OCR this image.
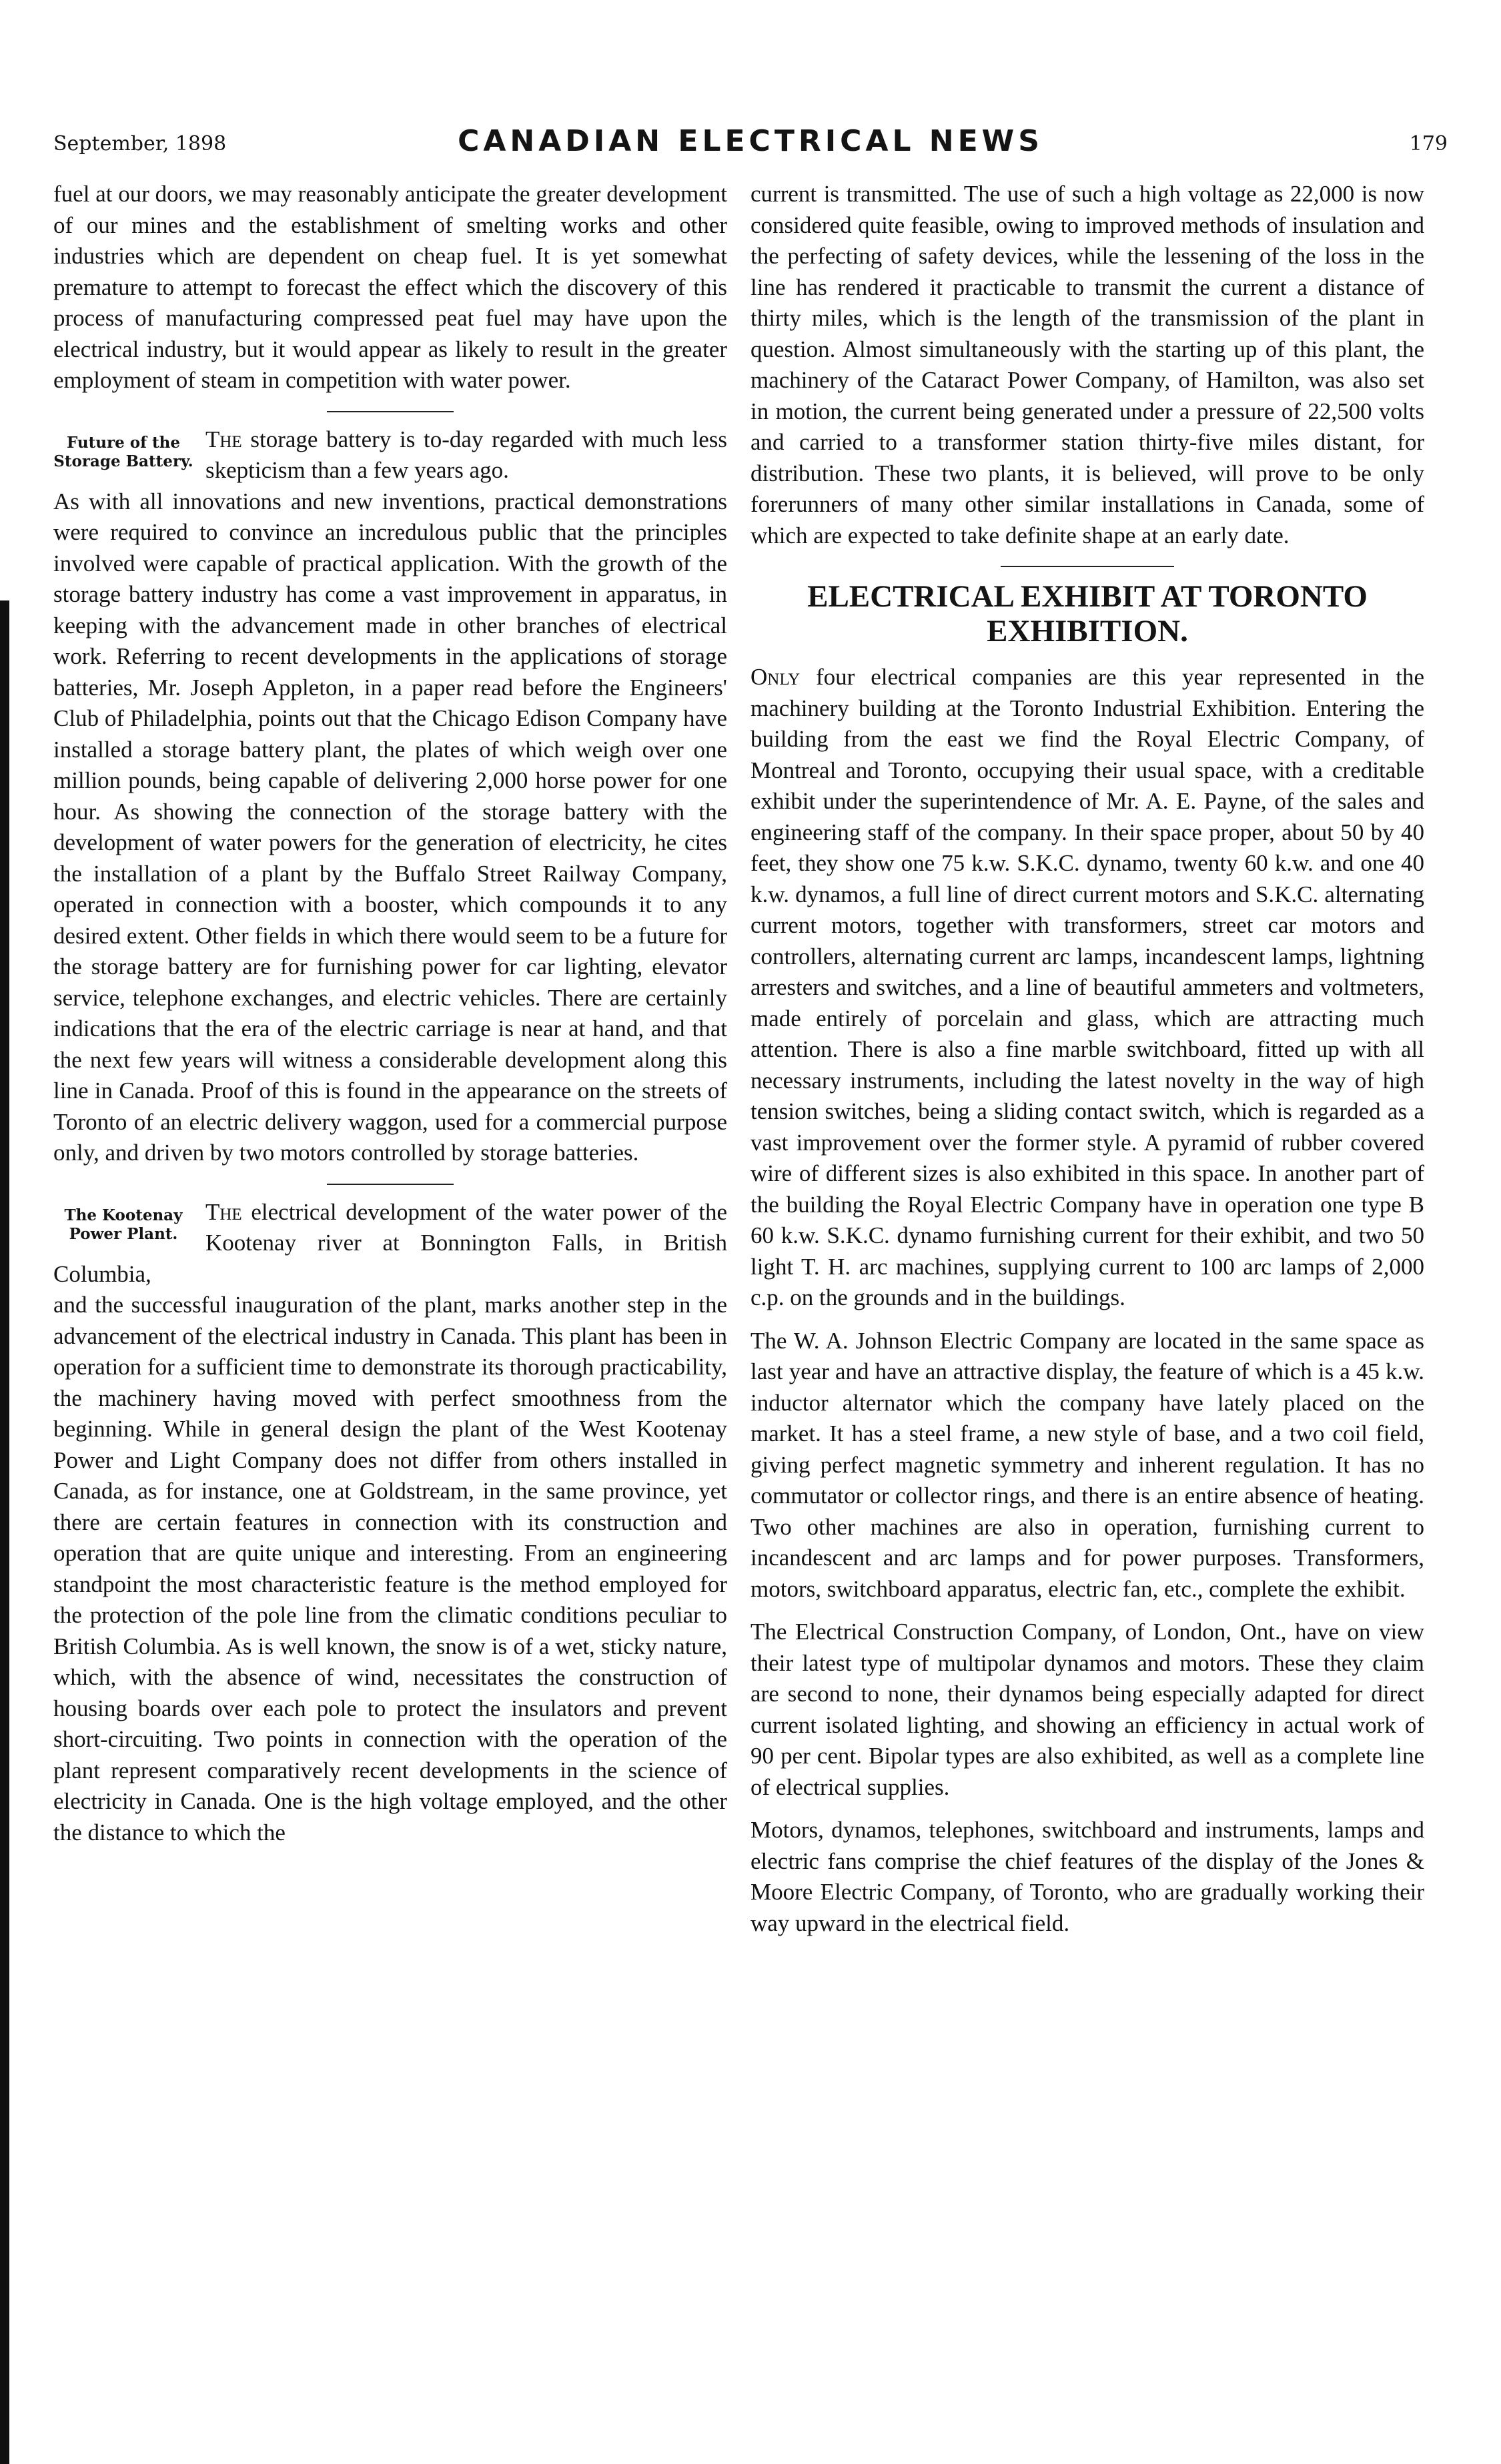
September, 1898	CANADIAN ELECTRICAL NEWS	179

fuel at our doors, we may reasonably anticipate the greater development of our mines and the establishment of smelting works and other industries which are dependent on cheap fuel. It is yet somewhat premature to attempt to forecast the effect which the discovery of this process of manufacturing compressed peat fuel may have upon the electrical industry, but it would appear as likely to result in the greater employment of steam in competition with water power.

Future of the Storage Battery.

The storage battery is to-day regarded with much less skepticism than a few years ago.

As with all innovations and new inventions, practical demonstrations were required to convince an incredulous public that the principles involved were capable of practical application. With the growth of the storage battery industry has come a vast improvement in apparatus, in keeping with the advancement made in other branches of electrical work. Referring to recent developments in the applications of storage batteries, Mr. Joseph Appleton, in a paper read before the Engineers' Club of Philadelphia, points out that the Chicago Edison Company have installed a storage battery plant, the plates of which weigh over one million pounds, being capable of delivering 2,000 horse power for one hour. As showing the connection of the storage battery with the development of water powers for the generation of electricity, he cites the installation of a plant by the Buffalo Street Railway Company, operated in connection with a booster, which compounds it to any desired extent. Other fields in which there would seem to be a future for the storage battery are for furnishing power for car lighting, elevator service, telephone exchanges, and electric vehicles. There are certainly indications that the era of the electric carriage is near at hand, and that the next few years will witness a considerable development along this line in Canada. Proof of this is found in the appearance on the streets of Toronto of an electric delivery waggon, used for a commercial purpose only, and driven by two motors controlled by storage batteries.

The Kootenay Power Plant.

The electrical development of the water power of the Kootenay river at Bonnington Falls, in British Columbia,

and the successful inauguration of the plant, marks another step in the advancement of the electrical industry in Canada. This plant has been in operation for a sufficient time to demonstrate its thorough practicability, the machinery having moved with perfect smoothness from the beginning. While in general design the plant of the West Kootenay Power and Light Company does not differ from others installed in Canada, as for instance, one at Goldstream, in the same province, yet there are certain features in connection with its construction and operation that are quite unique and interesting. From an engineering standpoint the most characteristic feature is the method employed for the protection of the pole line from the climatic conditions peculiar to British Columbia. As is well known, the snow is of a wet, sticky nature, which, with the absence of wind, necessitates the construction of housing boards over each pole to protect the insulators and prevent short-circuiting. Two points in connection with the operation of the plant represent comparatively recent developments in the science of electricity in Canada. One is the high voltage employed, and the other the distance to which the

current is transmitted. The use of such a high voltage as 22,000 is now considered quite feasible, owing to improved methods of insulation and the perfecting of safety devices, while the lessening of the loss in the line has rendered it practicable to transmit the current a distance of thirty miles, which is the length of the transmission of the plant in question. Almost simultaneously with the starting up of this plant, the machinery of the Cataract Power Company, of Hamilton, was also set in motion, the current being generated under a pressure of 22,500 volts and carried to a transformer station thirty-five miles distant, for distribution. These two plants, it is believed, will prove to be only forerunners of many other similar installations in Canada, some of which are expected to take definite shape at an early date.

ELECTRICAL EXHIBIT AT TORONTO EXHIBITION.

Only four electrical companies are this year represented in the machinery building at the Toronto Industrial Exhibition. Entering the building from the east we find the Royal Electric Company, of Montreal and Toronto, occupying their usual space, with a creditable exhibit under the superintendence of Mr. A. E. Payne, of the sales and engineering staff of the company. In their space proper, about 50 by 40 feet, they show one 75 k.w. S.K.C. dynamo, twenty 60 k.w. and one 40 k.w. dynamos, a full line of direct current motors and S.K.C. alternating current motors, together with transformers, street car motors and controllers, alternating current arc lamps, incandescent lamps, lightning arresters and switches, and a line of beautiful ammeters and voltmeters, made entirely of porcelain and glass, which are attracting much attention. There is also a fine marble switchboard, fitted up with all necessary instruments, including the latest novelty in the way of high tension switches, being a sliding contact switch, which is regarded as a vast improvement over the former style. A pyramid of rubber covered wire of different sizes is also exhibited in this space. In another part of the building the Royal Electric Company have in operation one type B 60 k.w. S.K.C. dynamo furnishing current for their exhibit, and two 50 light T. H. arc machines, supplying current to 100 arc lamps of 2,000 c.p. on the grounds and in the buildings.

The W. A. Johnson Electric Company are located in the same space as last year and have an attractive display, the feature of which is a 45 k.w. inductor alternator which the company have lately placed on the market. It has a steel frame, a new style of base, and a two coil field, giving perfect magnetic symmetry and inherent regulation. It has no commutator or collector rings, and there is an entire absence of heating. Two other machines are also in operation, furnishing current to incandescent and arc lamps and for power purposes. Transformers, motors, switchboard apparatus, electric fan, etc., complete the exhibit.

The Electrical Construction Company, of London, Ont., have on view their latest type of multipolar dynamos and motors. These they claim are second to none, their dynamos being especially adapted for direct current isolated lighting, and showing an efficiency in actual work of 90 per cent. Bipolar types are also exhibited, as well as a complete line of electrical supplies.

Motors, dynamos, telephones, switchboard and instruments, lamps and electric fans comprise the chief features of the display of the Jones & Moore Electric Company, of Toronto, who are gradually working their way upward in the electrical field.
